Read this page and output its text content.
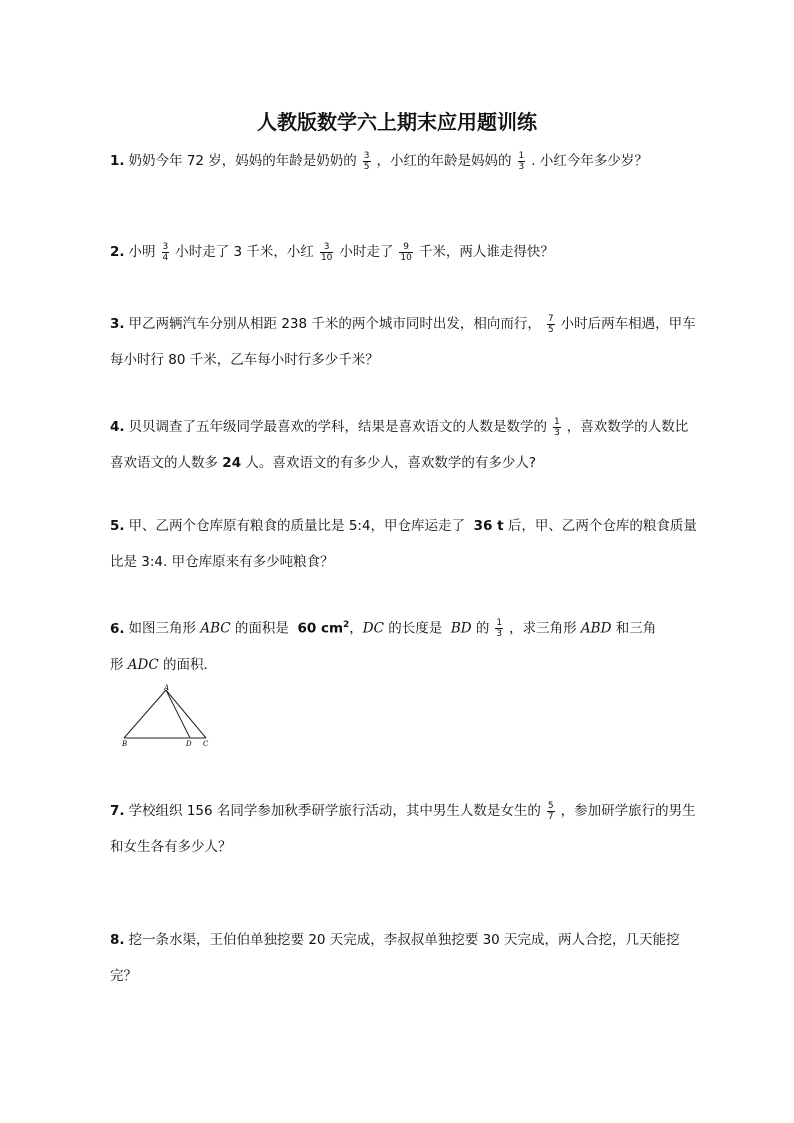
人教版数学六上期末应用题训练
1. 奶奶今年 72 岁，妈妈的年龄是奶奶的 $\frac{3}{5}$ ，小红的年龄是妈妈的 $\frac{1}{3}$ . 小红今年多少岁？
2. 小明 $\frac{3}{4}$ 小时走了 3 千米，小红 $\frac{3}{10}$ 小时走了 $\frac{9}{10}$ 千米，两人谁走得快？
3. 甲乙两辆汽车分别从相距 238 千米的两个城市同时出发，相向而行， $\frac{7}{5}$ 小时后两车相遇，甲车每小时行 80 千米，乙车每小时行多少千米？
4. 贝贝调查了五年级同学最喜欢的学科，结果是喜欢语文的人数是数学的 $\frac{1}{3}$ ，喜欢数学的人数比喜欢语文的人数多 24 人。喜欢语文的有多少人，喜欢数学的有多少人?
5. 甲、乙两个仓库原有粮食的质量比是 5:4，甲仓库运走了 36 t 后，甲、乙两个仓库的粮食质量比是 3:4. 甲仓库原来有多少吨粮食？
6. 如图三角形 ABC 的面积是 60 $cm^2$，DC 的长度是 BD 的 $\frac{1}{3}$ ，求三角形 ABD 和三角形 ADC 的面积．
A
B	D C
7. 学校组织 156 名同学参加秋季研学旅行活动，其中男生人数是女生的 $\frac{5}{7}$ ，参加研学旅行的男生和女生各有多少人？
8. 挖一条水渠，王伯伯单独挖要 20 天完成，李叔叔单独挖要 30 天完成，两人合挖，几天能挖完？
